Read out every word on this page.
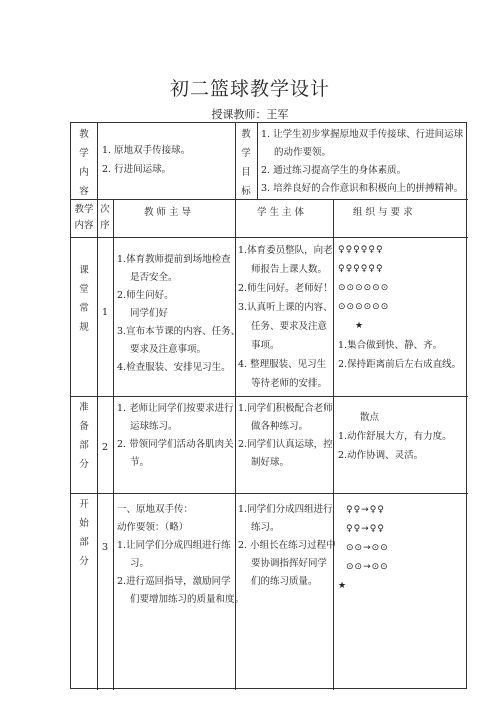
初二篮球教学设计
授课教师：王军
教
学
内
容
1. 原地双手传接球。
2. 行进间运球。
教
学
目
标
1. 让学生初步掌握原地双手传接球、行进间运球
的动作要领。
2. 通过练习提高学生的身体素质。
3. 培养良好的合作意识和积极向上的拼搏精神。
教学
内容
次
序
教 师 主 导	学 生 主 体	组 织 与 要 求
课
堂
常
规
1
1.体育教师提前到场地检查
是否安全。
2.师生问好。
同学们好
3.宣布本节课的内容、任务、
要求及注意事项。
4.检查服装、安排见习生。
1.体育委员整队，向老
师报告上课人数。
2.师生问好。老师好！
3.认真听上课的内容、
任务、要求及注意
事项。
4. 整理服装、见习生
等待老师的安排。
♀♀♀♀♀♀
♀♀♀♀♀♀
⊙⊙⊙⊙⊙⊙
⊙⊙⊙⊙⊙⊙
★
1.集合做到快、静、齐。
2.保持距离前后左右成直线。
准
备
部
分
2
1. 老师让同学们按要求进行
运球练习。
2. 带领同学们活动各肌肉关
节。
1.同学们积极配合老师
做各种练习。
2.同学们认真运球，控
制好球。
散点
1.动作舒展大方，有力度。
2.动作协调、灵活。
开
始
部
分
3
一、原地双手传：
动作要领：（略）
1.让同学们分成四组进行练
习。
2.进行巡回指导，激励同学
们要增加练习的质量和度。
1.同学们分成四组进行
练习。
2. 小组长在练习过程中
要协调指挥好同学
们的练习质量。
♀♀→♀♀
♀♀→♀♀
⊙⊙→⊙⊙
⊙⊙→⊙⊙
★
